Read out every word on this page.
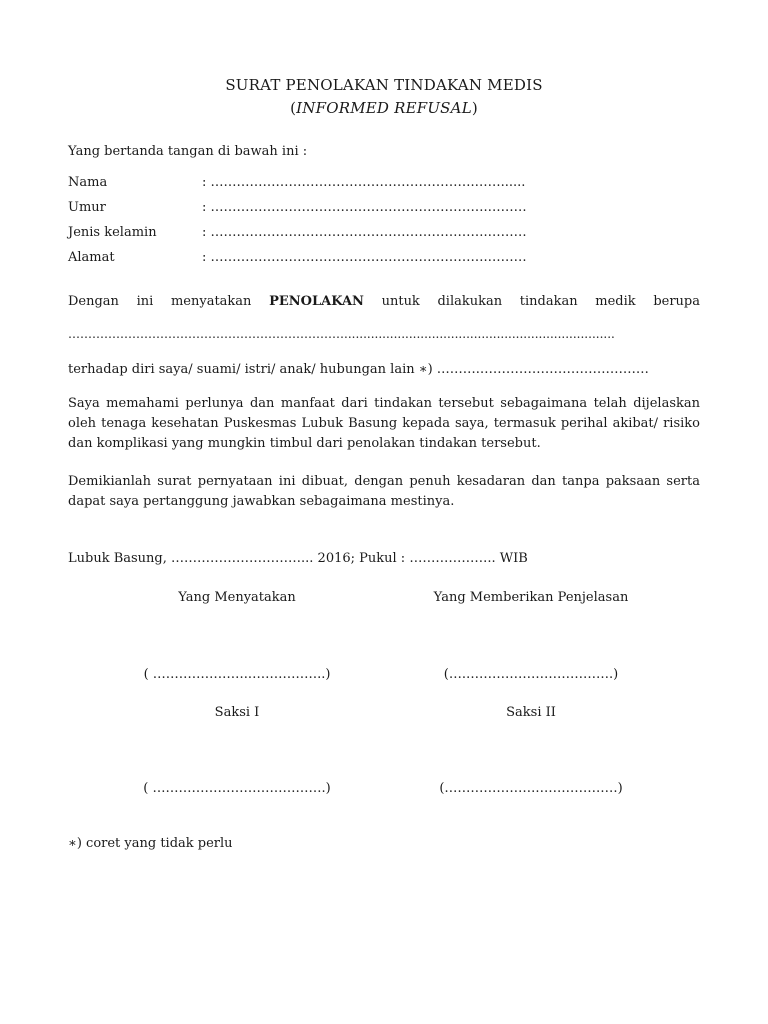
SURAT PENOLAKAN TINDAKAN MEDIS
(INFORMED REFUSAL)
Yang bertanda tangan di bawah ini :
Nama	: …………………………………………………….……......
Umur	: ……………………………………………………….………
Jenis kelamin	: ……………………………………………………….………
Alamat	: ……………………………………………………….………
Dengan ini menyatakan PENOLAKAN untuk dilakukan tindakan medik berupa
…………………………………………………………….......................................................................
terhadap diri saya/ suami/ istri/ anak/ hubungan lain ∗) ……….…………………………………
Saya memahami perlunya dan manfaat dari tindakan tersebut sebagaimana telah dijelaskan
oleh tenaga kesehatan Puskesmas Lubuk Basung kepada saya, termasuk perihal akibat/ risiko
dan komplikasi yang mungkin timbul dari penolakan tindakan tersebut.
Demikianlah surat pernyataan ini dibuat, dengan penuh kesadaran dan tanpa paksaan serta
dapat saya pertanggung jawabkan sebagaimana mestinya.
Lubuk Basung, …………………………... 2016; Pukul : ……………….. WIB
Yang Menyatakan	Yang Memberikan Penjelasan
( …………………..……………..)	(….…………………………….)
Saksi I	Saksi II
( ………………………………….)	(………………….………………)
∗) coret yang tidak perlu
